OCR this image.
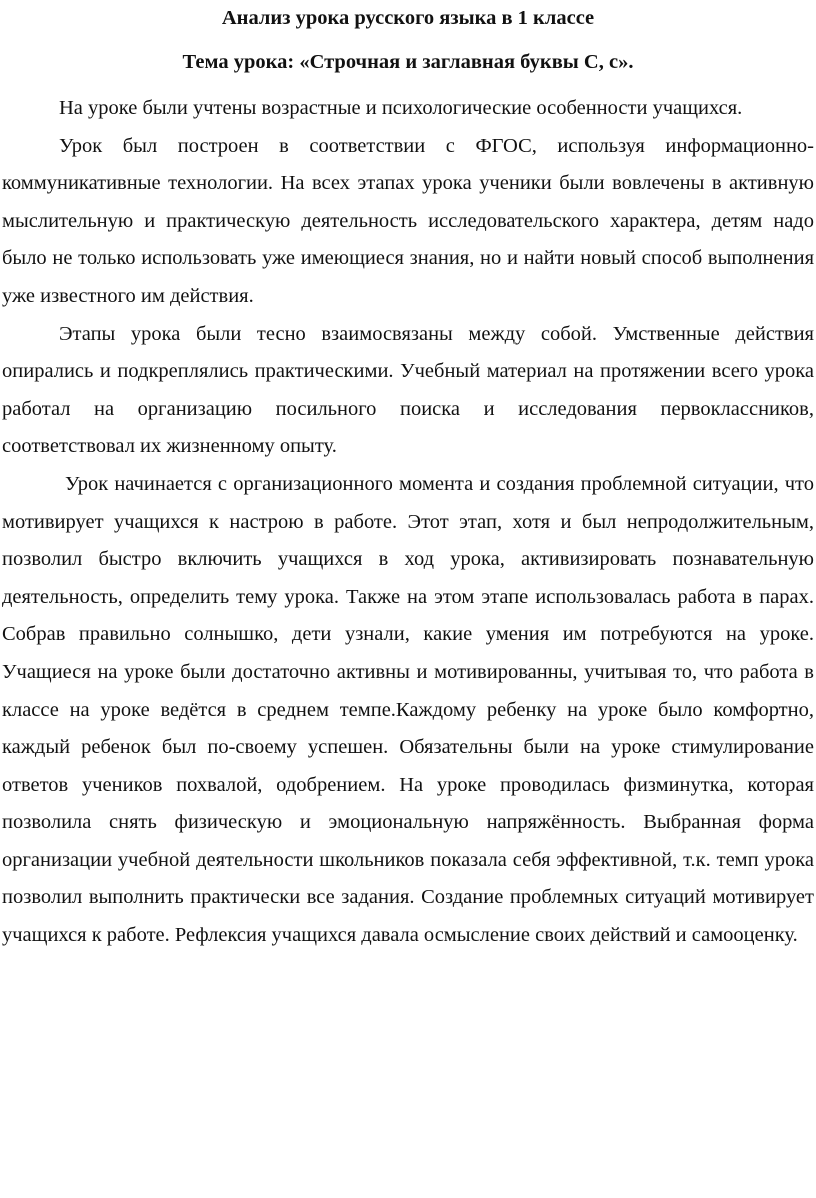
Анализ урока русского языка в 1 классе

Тема урока: «Строчная и заглавная буквы С, с».

На уроке были учтены возрастные и психологические особенности учащихся.

Урок был построен в соответствии с ФГОС, используя информационно-коммуникативные технологии. На всех этапах урока ученики были вовлечены в активную мыслительную и практическую деятельность исследовательского характера, детям надо было не только использовать уже имеющиеся знания, но и найти новый способ выполнения уже известного им действия.

Этапы урока были тесно взаимосвязаны между собой. Умственные действия опирались и подкреплялись практическими. Учебный материал на протяжении всего урока работал на организацию посильного поиска и исследования первоклассников, соответствовал их жизненному опыту.

Урок начинается с организационного момента и создания проблемной ситуации, что мотивирует учащихся к настрою в работе. Этот этап, хотя и был непродолжительным, позволил быстро включить учащихся в ход урока, активизировать познавательную деятельность, определить тему урока. Также на этом этапе использовалась работа в парах. Собрав правильно солнышко, дети узнали, какие умения им потребуются на уроке. Учащиеся на уроке были достаточно активны и мотивированны, учитывая то, что работа в классе на уроке ведётся в среднем темпе.Каждому ребенку на уроке было комфортно, каждый ребенок был по-своему успешен. Обязательны были на уроке стимулирование ответов учеников похвалой, одобрением. На уроке проводилась физминутка, которая позволила снять физическую и эмоциональную напряжённость. Выбранная форма организации учебной деятельности школьников показала себя эффективной, т.к. темп урока позволил выполнить практически все задания. Создание проблемных ситуаций мотивирует учащихся к работе. Рефлексия учащихся давала осмысление своих действий и самооценку.
